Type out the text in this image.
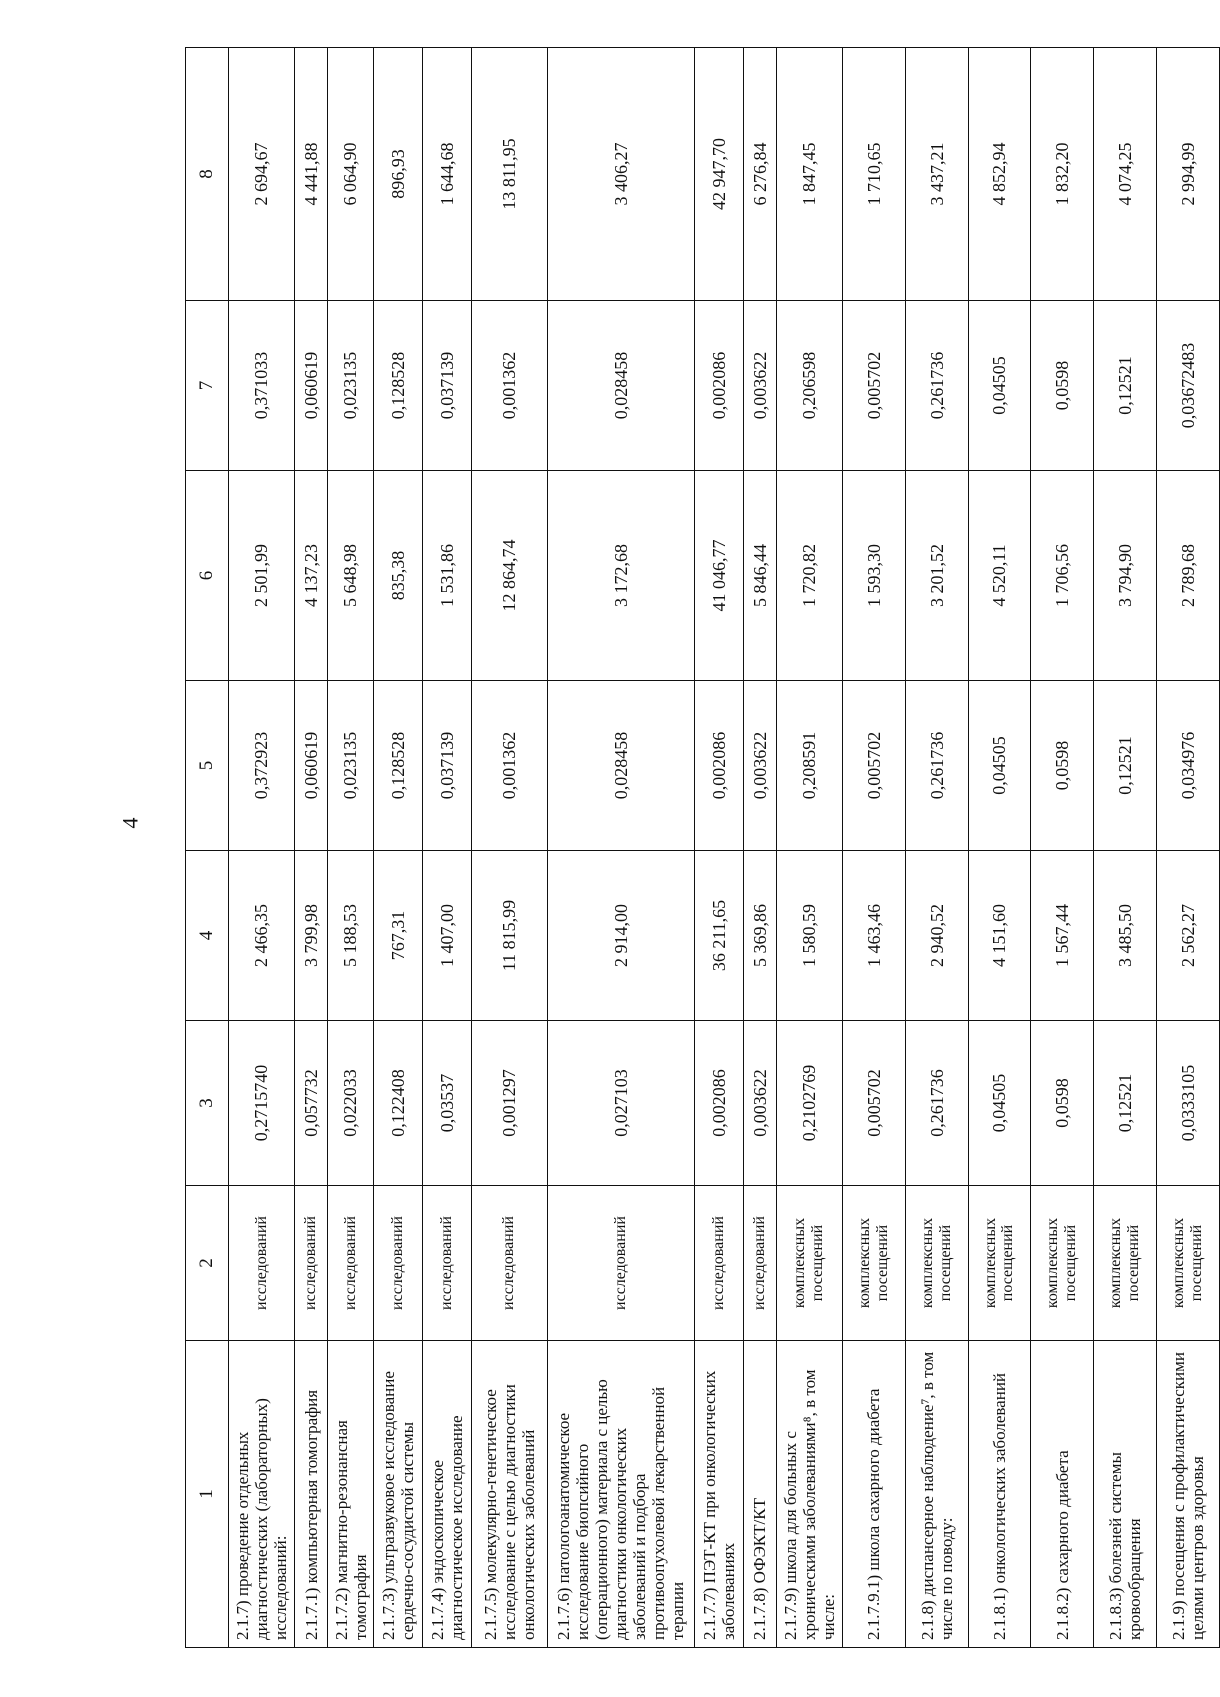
4
1	2	3	4	5	6	7	8
2.1.7) проведение отдельных диагностических (лабораторных) исследований:	исследований	0,2715740	2 466,35	0,372923	2 501,99	0,371033	2 694,67
2.1.7.1) компьютерная томография	исследований	0,057732	3 799,98	0,060619	4 137,23	0,060619	4 441,88
2.1.7.2) магнитно-резонансная томография	исследований	0,022033	5 188,53	0,023135	5 648,98	0,023135	6 064,90
2.1.7.3) ультразвуковое исследование сердечно-сосудистой системы	исследований	0,122408	767,31	0,128528	835,38	0,128528	896,93
2.1.7.4) эндоскопическое диагностическое исследование	исследований	0,03537	1 407,00	0,037139	1 531,86	0,037139	1 644,68
2.1.7.5) молекулярно-генетическое исследование с целью диагностики онкологических заболеваний	исследований	0,001297	11 815,99	0,001362	12 864,74	0,001362	13 811,95
2.1.7.6) патологоанатомическое исследование биопсийного (операционного) материала с целью диагностики онкологических заболеваний и подбора противоопухолевой лекарственной терапии	исследований	0,027103	2 914,00	0,028458	3 172,68	0,028458	3 406,27
2.1.7.7) ПЭТ-КТ при онкологических заболеваниях	исследований	0,002086	36 211,65	0,002086	41 046,77	0,002086	42 947,70
2.1.7.8) ОФЭКТ/КТ	исследований	0,003622	5 369,86	0,003622	5 846,44	0,003622	6 276,84
2.1.7.9) школа для больных с хроническими заболеваниями⁸, в том числе:	комплексных посещений	0,2102769	1 580,59	0,208591	1 720,82	0,206598	1 847,45
2.1.7.9.1) школа сахарного диабета	комплексных посещений	0,005702	1 463,46	0,005702	1 593,30	0,005702	1 710,65
2.1.8) диспансерное наблюдение⁷, в том числе по поводу:	комплексных посещений	0,261736	2 940,52	0,261736	3 201,52	0,261736	3 437,21
2.1.8.1) онкологических заболеваний	комплексных посещений	0,04505	4 151,60	0,04505	4 520,11	0,04505	4 852,94
2.1.8.2) сахарного диабета	комплексных посещений	0,0598	1 567,44	0,0598	1 706,56	0,0598	1 832,20
2.1.8.3) болезней системы кровообращения	комплексных посещений	0,12521	3 485,50	0,12521	3 794,90	0,12521	4 074,25
2.1.9) посещения с профилактическими целями центров здоровья	комплексных посещений	0,0333105	2 562,27	0,034976	2 789,68	0,03672483	2 994,99
